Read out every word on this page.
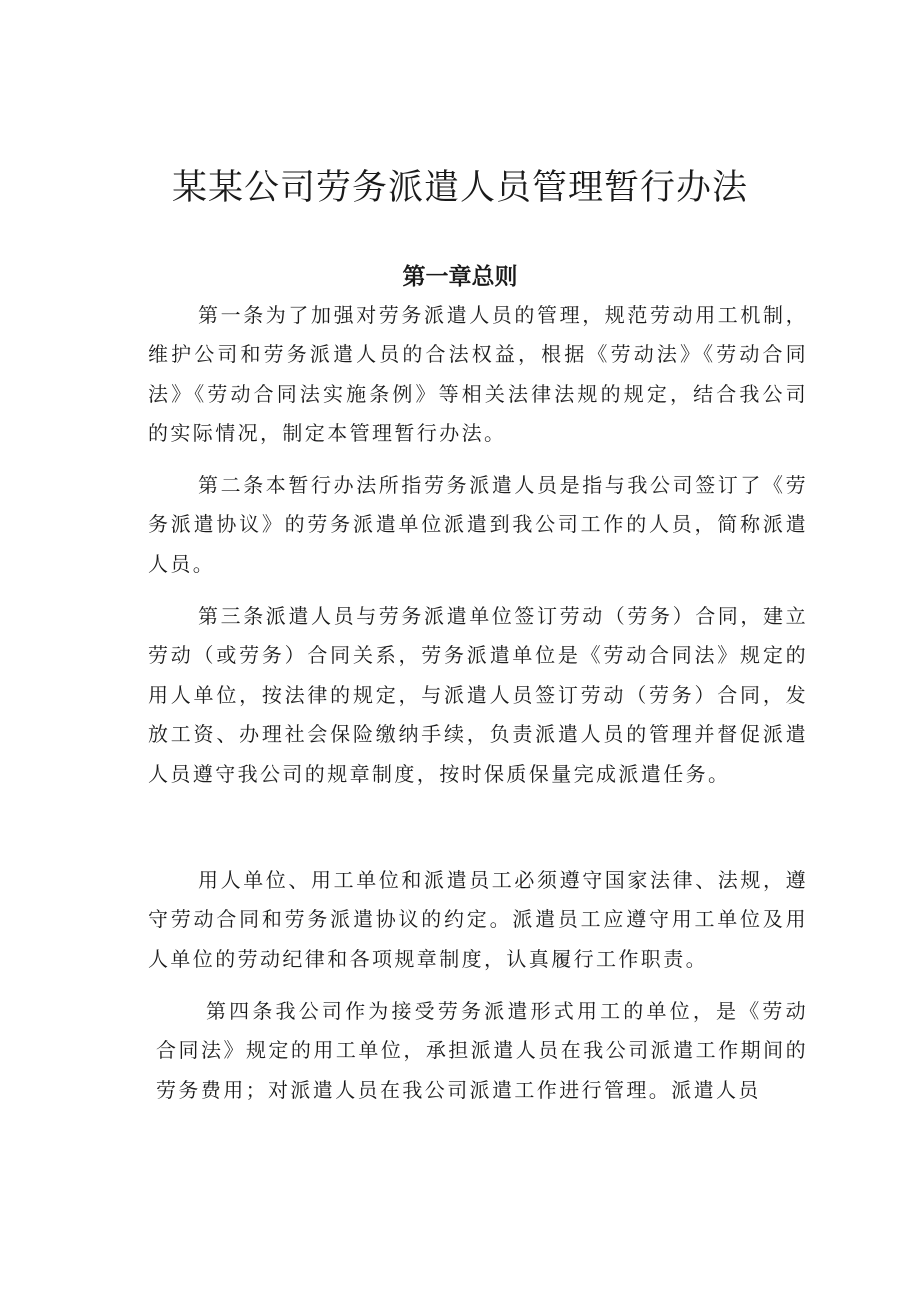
某某公司劳务派遣人员管理暂行办法
第一章总则

第一条为了加强对劳务派遣人员的管理，规范劳动用工机制，维护公司和劳务派遣人员的合法权益，根据《劳动法》《劳动合同法》《劳动合同法实施条例》等相关法律法规的规定，结合我公司的实际情况，制定本管理暂行办法。

第二条本暂行办法所指劳务派遣人员是指与我公司签订了《劳务派遣协议》的劳务派遣单位派遣到我公司工作的人员，简称派遣人员。

第三条派遣人员与劳务派遣单位签订劳动（劳务）合同，建立劳动（或劳务）合同关系，劳务派遣单位是《劳动合同法》规定的用人单位，按法律的规定，与派遣人员签订劳动（劳务）合同，发放工资、办理社会保险缴纳手续，负责派遣人员的管理并督促派遣人员遵守我公司的规章制度，按时保质保量完成派遣任务。

用人单位、用工单位和派遣员工必须遵守国家法律、法规，遵守劳动合同和劳务派遣协议的约定。派遣员工应遵守用工单位及用人单位的劳动纪律和各项规章制度，认真履行工作职责。

第四条我公司作为接受劳务派遣形式用工的单位，是《劳动合同法》规定的用工单位，承担派遣人员在我公司派遣工作期间的劳务费用；对派遣人员在我公司派遣工作进行管理。派遣人员
